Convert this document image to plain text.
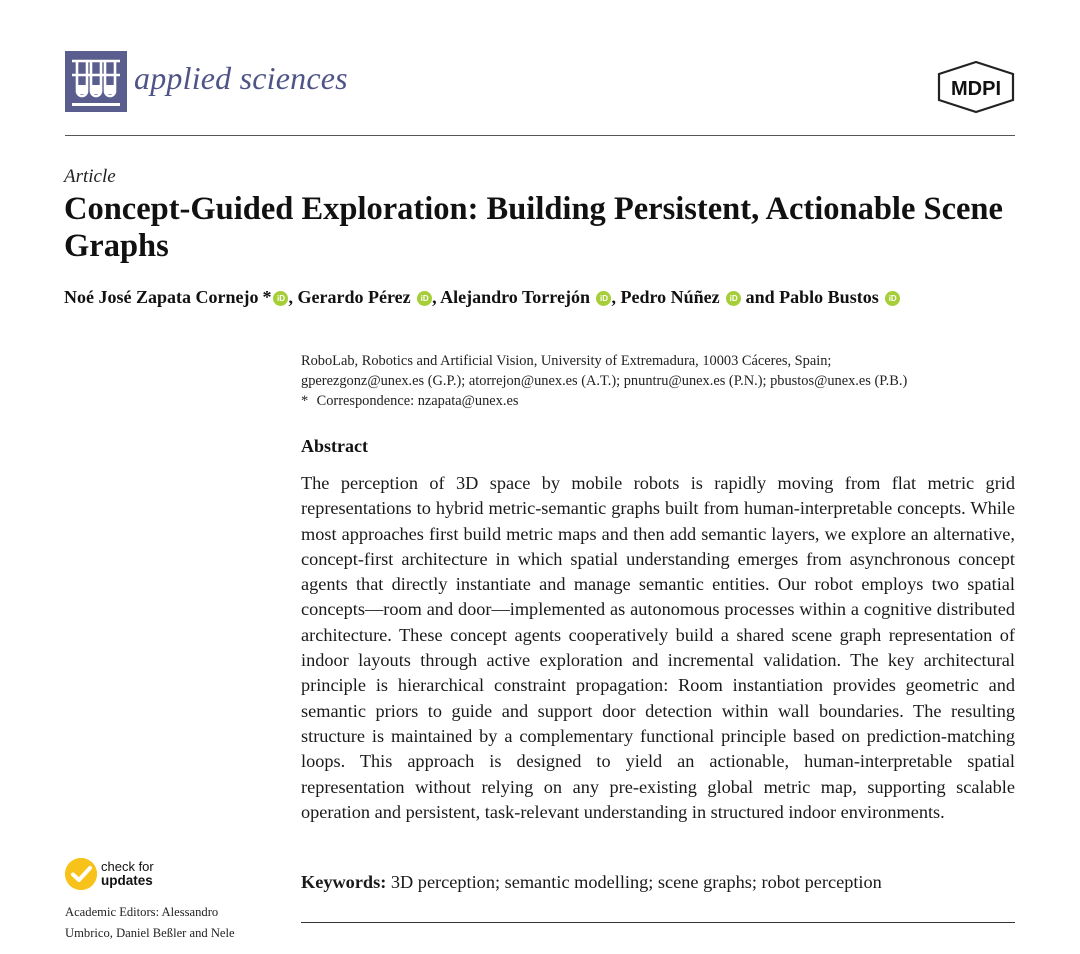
applied sciences	MDPI
Article
Concept-Guided Exploration: Building Persistent, Actionable Scene Graphs
Noé José Zapata Cornejo * iD , Gerardo Pérez iD , Alejandro Torrejón iD , Pedro Núñez iD and Pablo Bustos iD
RoboLab, Robotics and Artificial Vision, University of Extremadura, 10003 Cáceres, Spain;
gperezgonz@unex.es (G.P.); atorrejon@unex.es (A.T.); pnuntru@unex.es (P.N.); pbustos@unex.es (P.B.)
* Correspondence: nzapata@unex.es
Abstract

The perception of 3D space by mobile robots is rapidly moving from flat metric grid representations to hybrid metric-semantic graphs built from human-interpretable concepts. While most approaches first build metric maps and then add semantic layers, we explore an alternative, concept-first architecture in which spatial understanding emerges from asynchronous concept agents that directly instantiate and manage semantic entities. Our robot employs two spatial concepts—room and door—implemented as autonomous processes within a cognitive distributed architecture. These concept agents cooperatively build a shared scene graph representation of indoor layouts through active exploration and incremental validation. The key architectural principle is hierarchical constraint propagation: Room instantiation provides geometric and semantic priors to guide and support door detection within wall boundaries. The resulting structure is maintained by a complementary functional principle based on prediction-matching loops. This approach is designed to yield an actionable, human-interpretable spatial representation without relying on any pre-existing global metric map, supporting scalable operation and persistent, task-relevant understanding in structured indoor environments.

Keywords: 3D perception; semantic modelling; scene graphs; robot perception
check for
updates
Academic Editors: Alessandro Umbrico, Daniel Beßler and Nele
